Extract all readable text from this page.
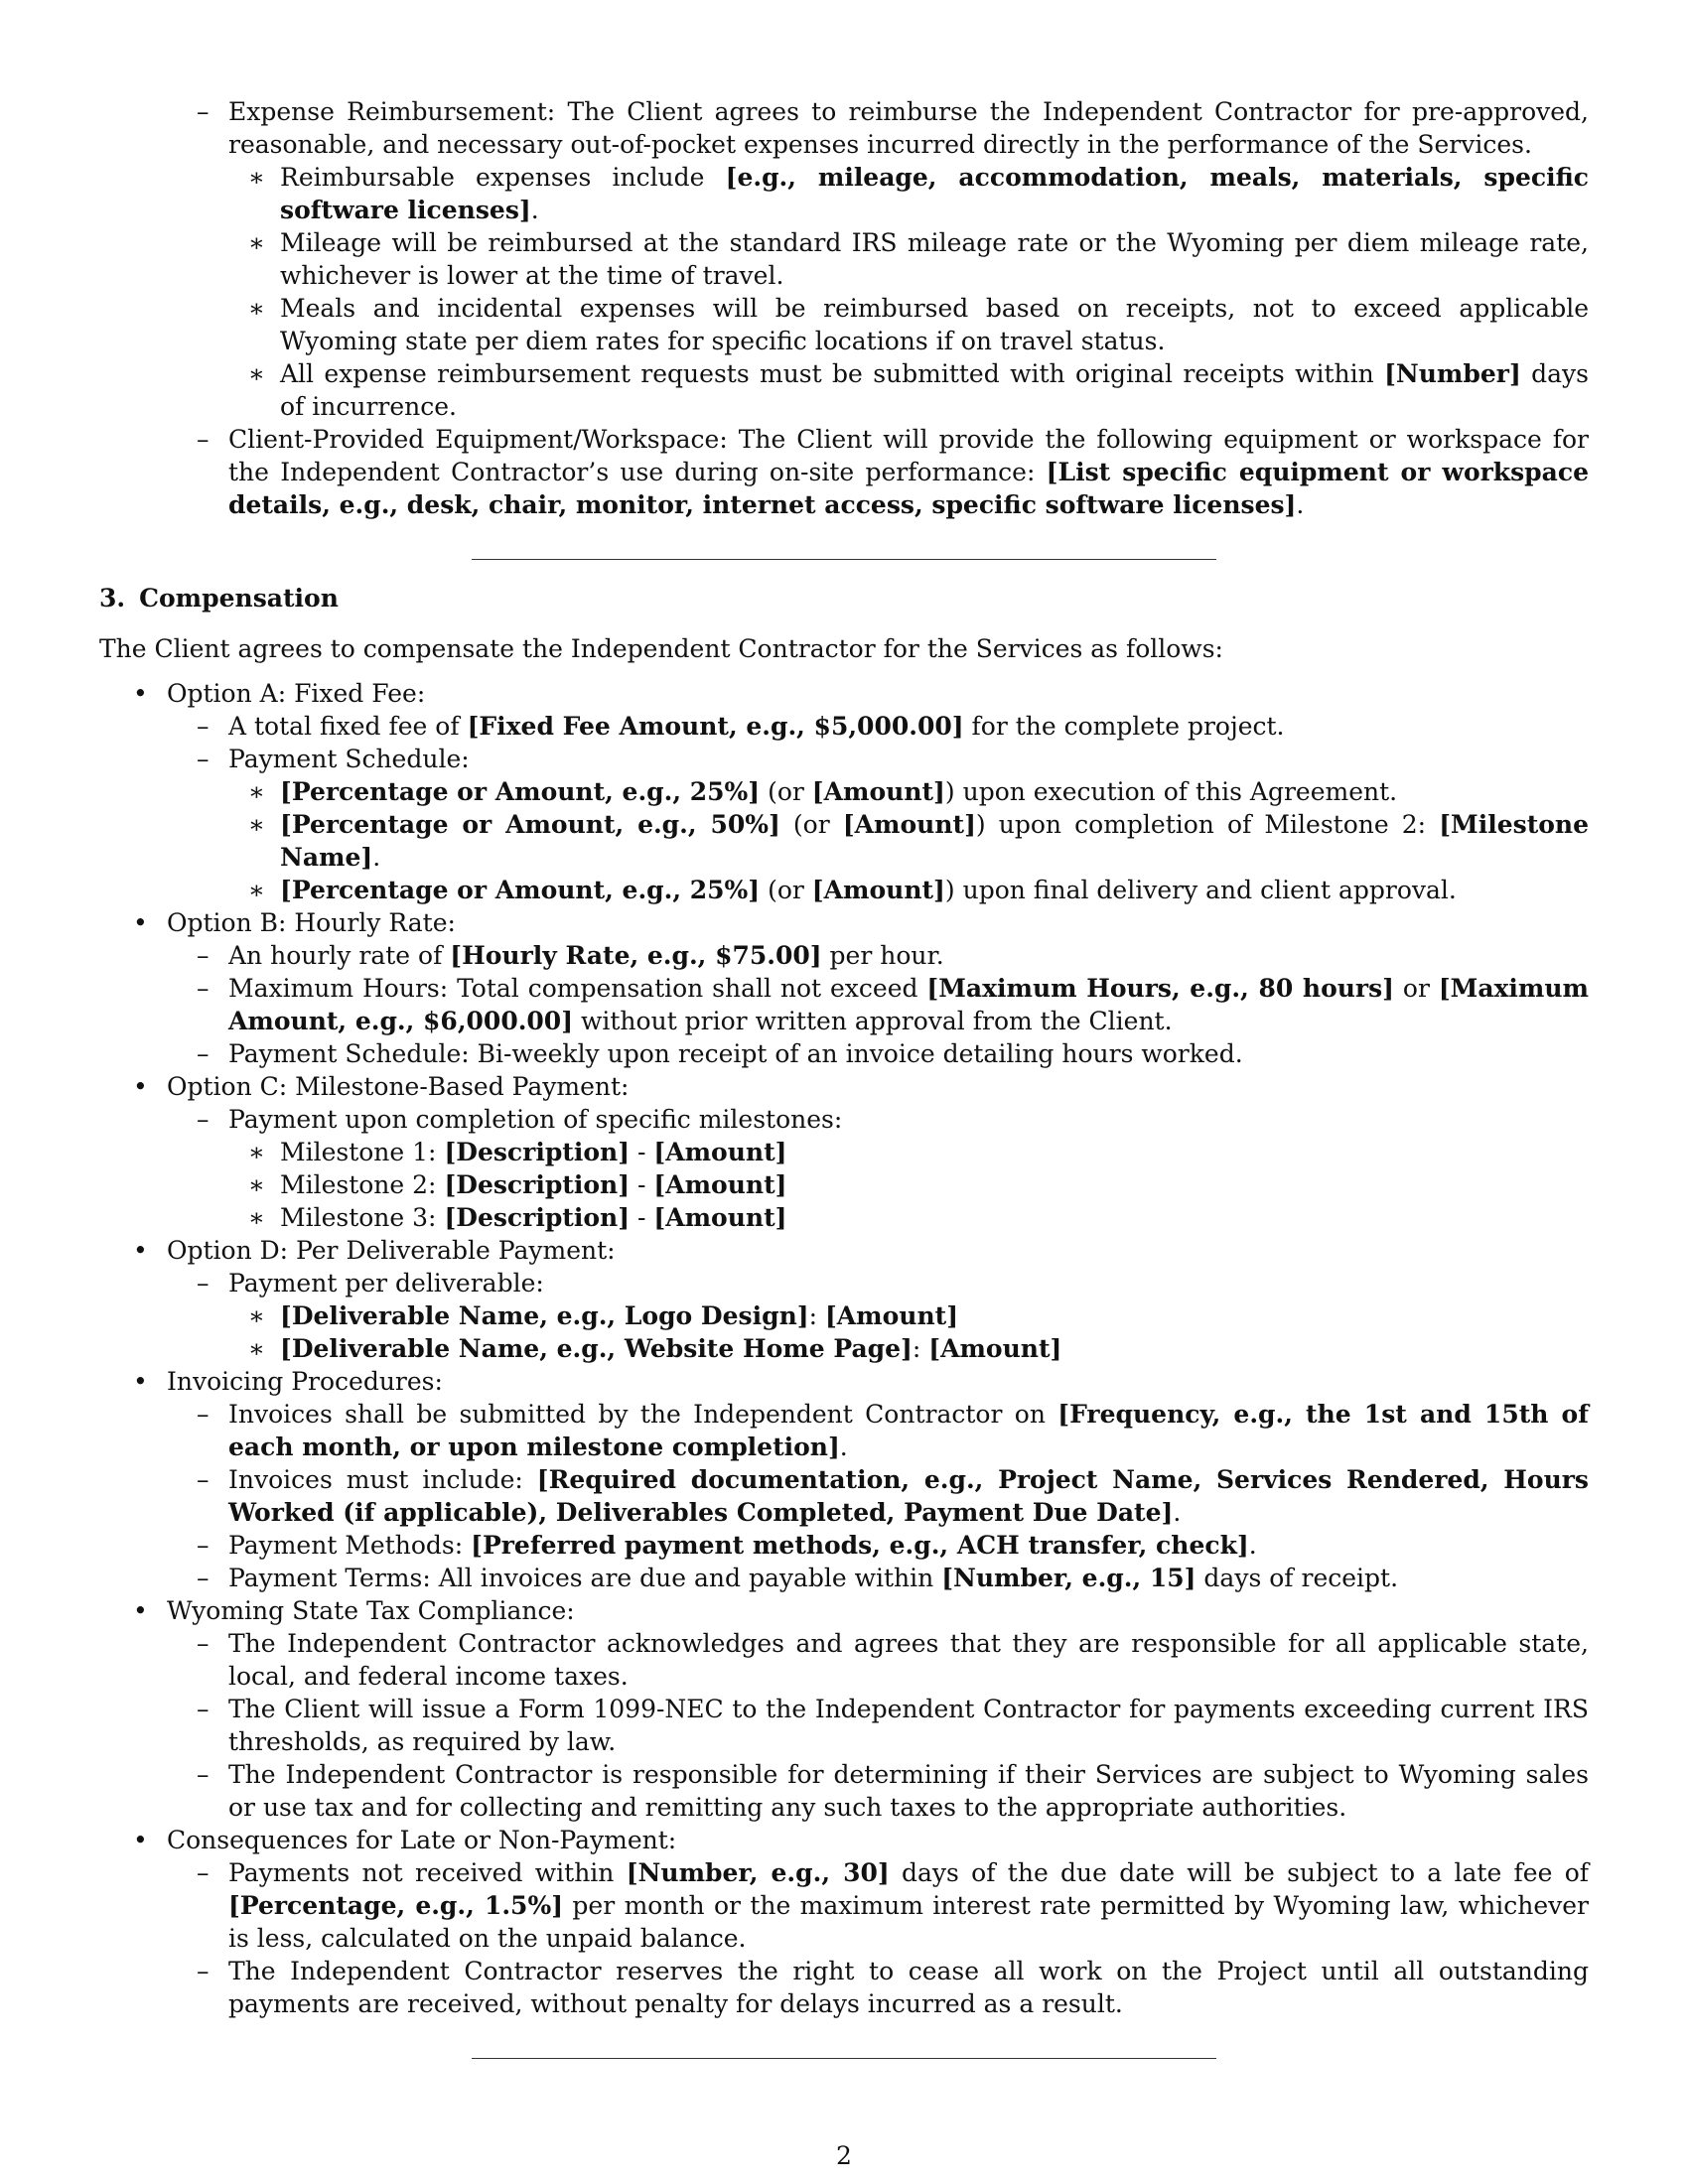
– Expense Reimbursement: The Client agrees to reimburse the Independent Contractor for pre-approved, reasonable, and necessary out-of-pocket expenses incurred directly in the performance of the Services.
∗ Reimbursable expenses include [e.g., mileage, accommodation, meals, materials, specific software licenses].
∗ Mileage will be reimbursed at the standard IRS mileage rate or the Wyoming per diem mileage rate, whichever is lower at the time of travel.
∗ Meals and incidental expenses will be reimbursed based on receipts, not to exceed applicable Wyoming state per diem rates for specific locations if on travel status.
∗ All expense reimbursement requests must be submitted with original receipts within [Number] days of incurrence.
– Client-Provided Equipment/Workspace: The Client will provide the following equipment or workspace for the Independent Contractor’s use during on-site performance: [List specific equipment or workspace details, e.g., desk, chair, monitor, internet access, specific software licenses].
3. Compensation
The Client agrees to compensate the Independent Contractor for the Services as follows:
• Option A: Fixed Fee:
– A total fixed fee of [Fixed Fee Amount, e.g., $5,000.00] for the complete project.
– Payment Schedule:
∗ [Percentage or Amount, e.g., 25%] (or [Amount]) upon execution of this Agreement.
∗ [Percentage or Amount, e.g., 50%] (or [Amount]) upon completion of Milestone 2: [Milestone Name].
∗ [Percentage or Amount, e.g., 25%] (or [Amount]) upon final delivery and client approval.
• Option B: Hourly Rate:
– An hourly rate of [Hourly Rate, e.g., $75.00] per hour.
– Maximum Hours: Total compensation shall not exceed [Maximum Hours, e.g., 80 hours] or [Maximum Amount, e.g., $6,000.00] without prior written approval from the Client.
– Payment Schedule: Bi-weekly upon receipt of an invoice detailing hours worked.
• Option C: Milestone-Based Payment:
– Payment upon completion of specific milestones:
∗ Milestone 1: [Description] - [Amount]
∗ Milestone 2: [Description] - [Amount]
∗ Milestone 3: [Description] - [Amount]
• Option D: Per Deliverable Payment:
– Payment per deliverable:
∗ [Deliverable Name, e.g., Logo Design]: [Amount]
∗ [Deliverable Name, e.g., Website Home Page]: [Amount]
• Invoicing Procedures:
– Invoices shall be submitted by the Independent Contractor on [Frequency, e.g., the 1st and 15th of each month, or upon milestone completion].
– Invoices must include: [Required documentation, e.g., Project Name, Services Rendered, Hours Worked (if applicable), Deliverables Completed, Payment Due Date].
– Payment Methods: [Preferred payment methods, e.g., ACH transfer, check].
– Payment Terms: All invoices are due and payable within [Number, e.g., 15] days of receipt.
• Wyoming State Tax Compliance:
– The Independent Contractor acknowledges and agrees that they are responsible for all applicable state, local, and federal income taxes.
– The Client will issue a Form 1099-NEC to the Independent Contractor for payments exceeding current IRS thresholds, as required by law.
– The Independent Contractor is responsible for determining if their Services are subject to Wyoming sales or use tax and for collecting and remitting any such taxes to the appropriate authorities.
• Consequences for Late or Non-Payment:
– Payments not received within [Number, e.g., 30] days of the due date will be subject to a late fee of [Percentage, e.g., 1.5%] per month or the maximum interest rate permitted by Wyoming law, whichever is less, calculated on the unpaid balance.
– The Independent Contractor reserves the right to cease all work on the Project until all outstanding payments are received, without penalty for delays incurred as a result.
2
